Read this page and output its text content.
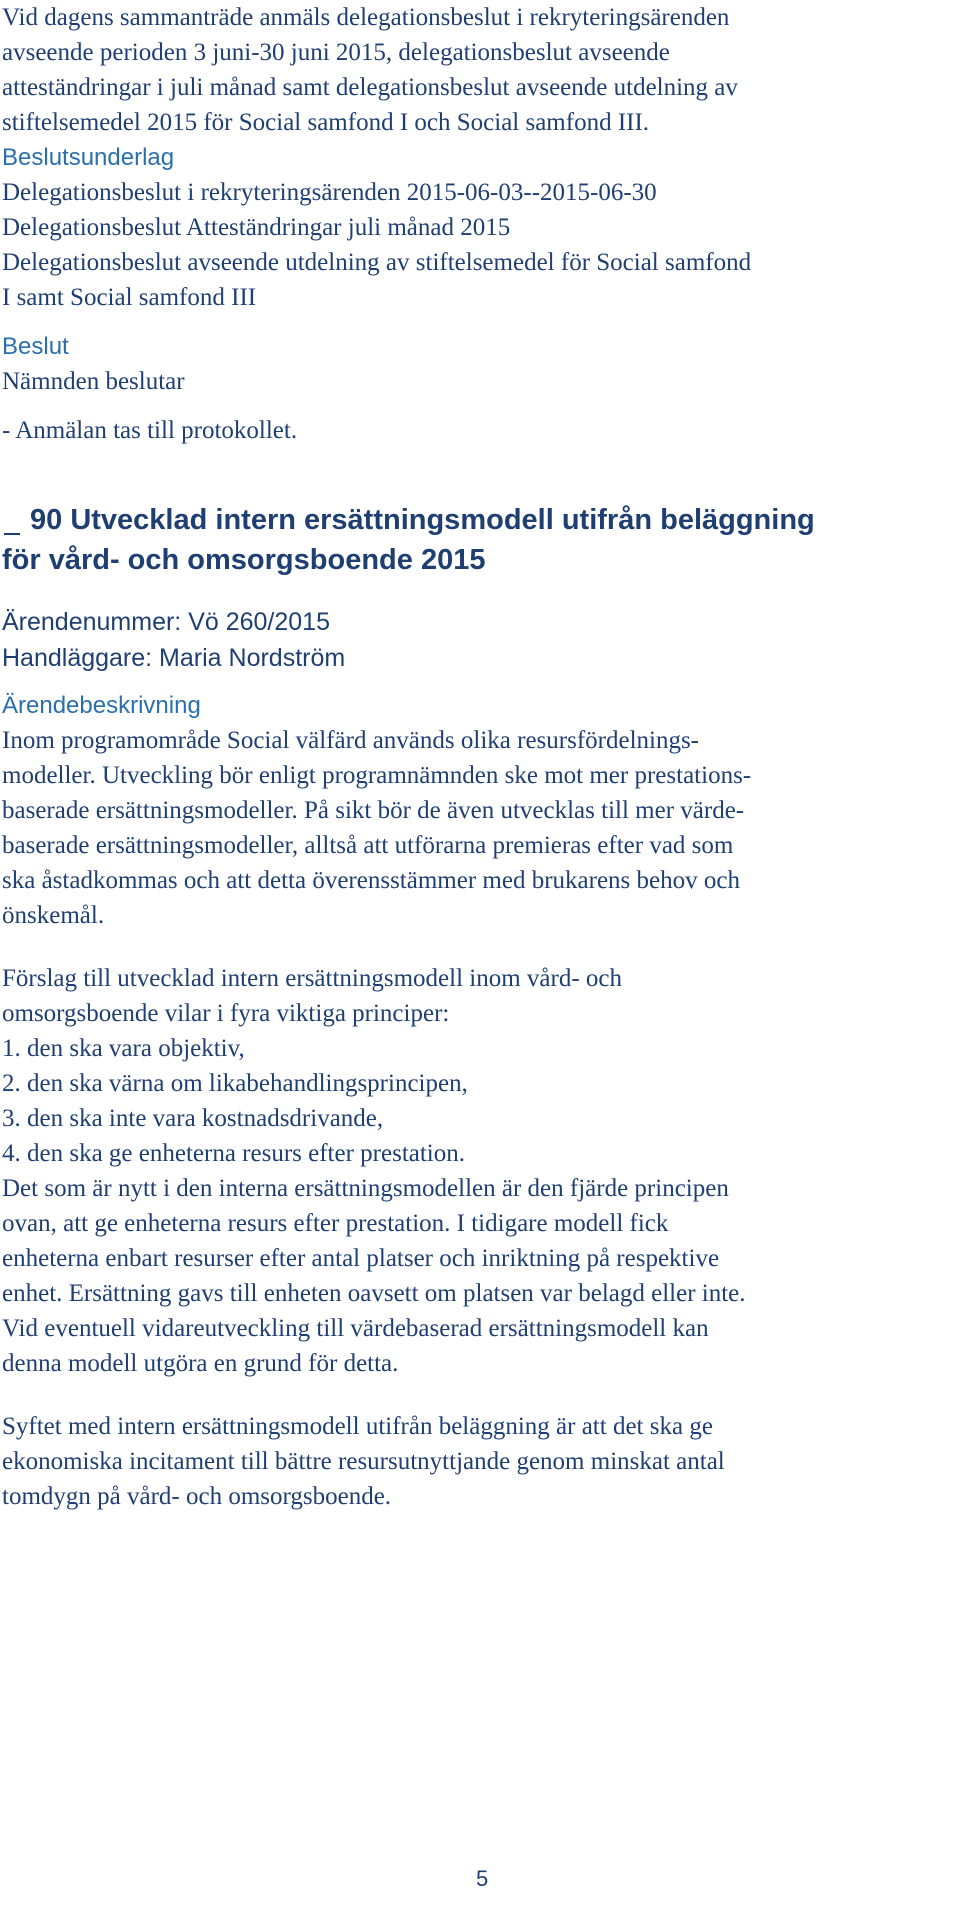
Vid dagens sammanträde anmäls delegationsbeslut i rekryteringsärenden
avseende perioden 3 juni-30 juni 2015, delegationsbeslut avseende
atteständringar i juli månad samt delegationsbeslut avseende utdelning av
stiftelsemedel 2015 för Social samfond I och Social samfond III.
Beslutsunderlag
Delegationsbeslut i rekryteringsärenden 2015-06-03--2015-06-30
Delegationsbeslut Atteständringar juli månad 2015
Delegationsbeslut avseende utdelning av stiftelsemedel för Social samfond
I samt Social samfond III
Beslut
Nämnden beslutar
- Anmälan tas till protokollet.
90 Utvecklad intern ersättningsmodell utifrån beläggning
för vård- och omsorgsboende 2015
Ärendenummer: Vö 260/2015
Handläggare: Maria Nordström
Ärendebeskrivning
Inom programområde Social välfärd används olika resursfördelnings-
modeller. Utveckling bör enligt programnämnden ske mot mer prestations-
baserade ersättningsmodeller. På sikt bör de även utvecklas till mer värde-
baserade ersättningsmodeller, alltså att utförarna premieras efter vad som
ska åstadkommas och att detta överensstämmer med brukarens behov och
önskemål.
Förslag till utvecklad intern ersättningsmodell inom vård- och
omsorgsboende vilar i fyra viktiga principer:
1. den ska vara objektiv,
2. den ska värna om likabehandlingsprincipen,
3. den ska inte vara kostnadsdrivande,
4. den ska ge enheterna resurs efter prestation.
Det som är nytt i den interna ersättningsmodellen är den fjärde principen
ovan, att ge enheterna resurs efter prestation. I tidigare modell fick
enheterna enbart resurser efter antal platser och inriktning på respektive
enhet. Ersättning gavs till enheten oavsett om platsen var belagd eller inte.
Vid eventuell vidareutveckling till värdebaserad ersättningsmodell kan
denna modell utgöra en grund för detta.
Syftet med intern ersättningsmodell utifrån beläggning är att det ska ge
ekonomiska incitament till bättre resursutnyttjande genom minskat antal
tomdygn på vård- och omsorgsboende.
5
